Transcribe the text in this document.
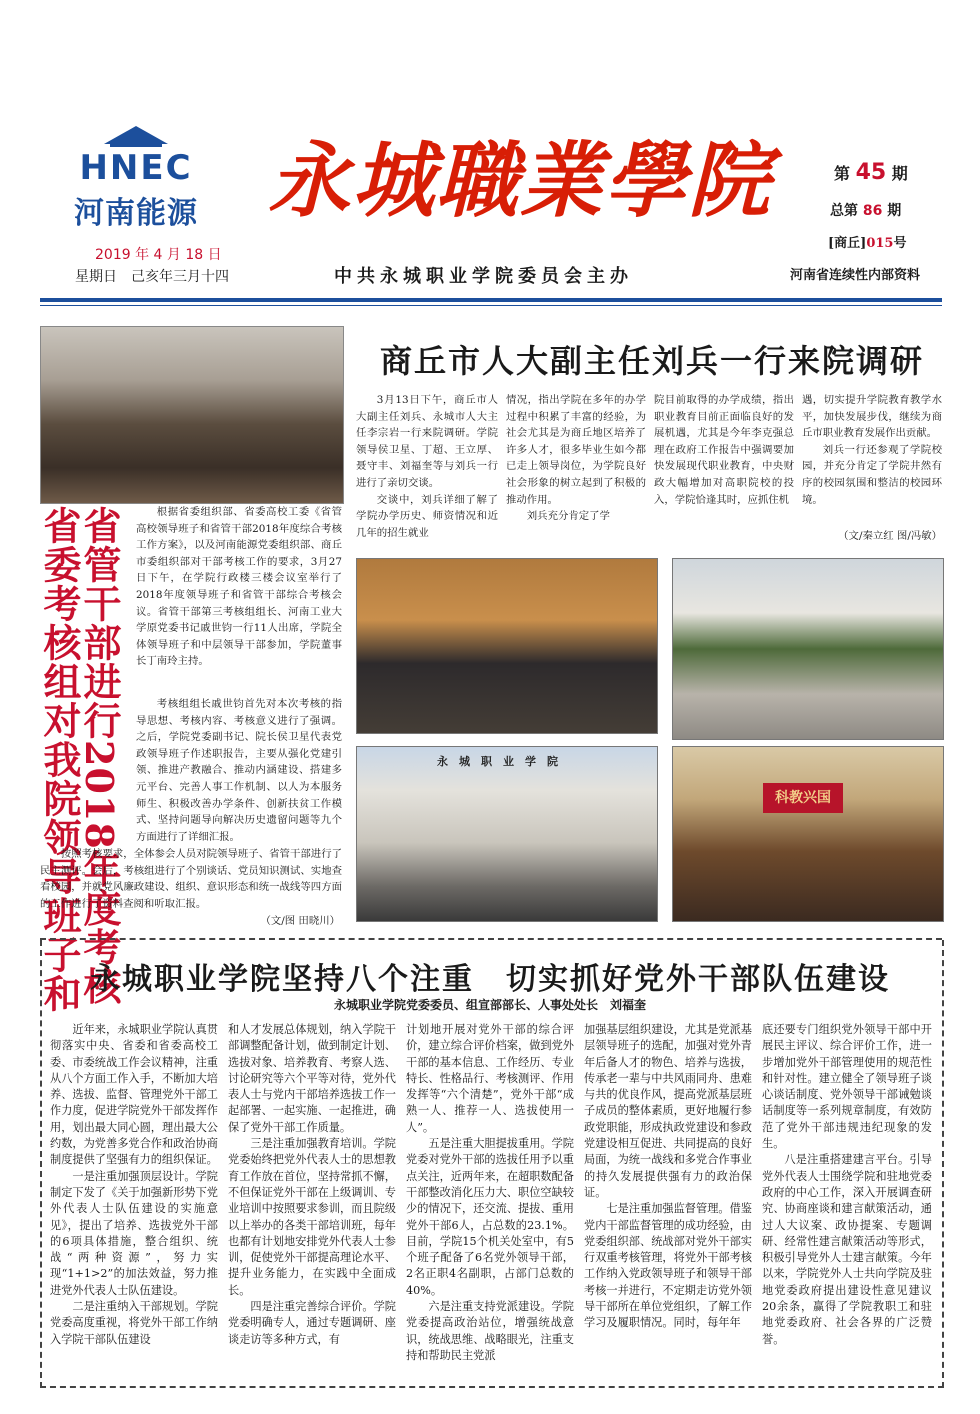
HNEC
河南能源
2019 年 4 月 18 日
星期日　己亥年三月十四
永城職業學院
中共永城职业学院委员会主办
第 45 期
总第 86 期
[商丘]015号
河南省连续性内部资料
省管干部进行2018年度考核
省委考核组对我院领导班子和	根据省委组织部、省委高校工委《省管高校领导班子和省管干部2018年度综合考核工作方案》，以及河南能源党委组织部、商丘市委组织部对干部考核工作的要求，3月27日下午，在学院行政楼三楼会议室举行了2018年度领导班子和省管干部综合考核会议。省管干部第三考核组组长、河南工业大学原党委书记戚世钧一行11人出席，学院全体领导班子和中层领导干部参加，学院董事长丁南玲主持。

考核组组长戚世钧首先对本次考核的指导思想、考核内容、考核意义进行了强调。之后，学院党委副书记、院长侯卫星代表党政领导班子作述职报告，主要从强化党建引领、推进产教融合、推动内涵建设、搭建多元平台、完善人事工作机制、以人为本服务师生、积极改善办学条件、创新扶贫工作模式、坚持问题导向解决历史遗留问题等九个方面进行了详细汇报。

按照考核要求，全体参会人员对院领导班子、省管干部进行了民主测评。会后，考核组进行了个别谈话、党员知识测试、实地查看校园，并就党风廉政建设、组织、意识形态和统一战线等四方面的工作进行了资料查阅和听取汇报。

（文/图 田晓川）
商丘市人大副主任刘兵一行来院调研

3月13日下午，商丘市人大副主任刘兵、永城市人大主任李宗岩一行来院调研。学院领导侯卫星、丁超、王立厚、聂守丰、刘福奎等与刘兵一行进行了亲切交谈。

交谈中，刘兵详细了解了学院办学历史、师资情况和近几年的招生就业

情况，指出学院在多年的办学过程中积累了丰富的经验，为社会尤其是为商丘地区培养了许多人才，很多毕业生如今都已走上领导岗位，为学院良好社会形象的树立起到了积极的推动作用。

刘兵充分肯定了学

院目前取得的办学成绩，指出职业教育目前正面临良好的发展机遇，尤其是今年李克强总理在政府工作报告中强调要加快发展现代职业教育，中央财政大幅增加对高职院校的投入，学院恰逢其时，应抓住机

遇，切实提升学院教育教学水平，加快发展步伐，继续为商丘市职业教育发展作出贡献。

刘兵一行还参观了学院校园，并充分肯定了学院井然有序的校园氛围和整洁的校园环境。

（文/秦立红 图/冯敏）
永　城　职　业　学　院
科教兴国
永城职业学院坚持八个注重　切实抓好党外干部队伍建设
永城职业学院党委委员、组宣部部长、人事处处长　刘福奎

近年来，永城职业学院认真贯彻落实中央、省委和省委高校工委、市委统战工作会议精神，注重从八个方面工作入手，不断加大培养、选拔、监督、管理党外干部工作力度，促进学院党外干部发挥作用，划出最大同心圆，理出最大公约数，为党善多党合作和政治协商制度提供了坚强有力的组织保证。

一是注重加强顶层设计。学院制定下发了《关于加强新形势下党外代表人士队伍建设的实施意见》，提出了培养、选拔党外干部的6项具体措施，整合组织、统战“两种资源”，努力实现“1+1>2”的加法效益，努力推进党外代表人士队伍建设。

二是注重纳入干部规划。学院党委高度重视，将党外干部工作纳入学院干部队伍建设

和人才发展总体规划，纳入学院干部调整配备计划，做到制定计划、选拔对象、培养教育、考察人选、讨论研究等六个平等对待，党外代表人士与党内干部培养选拔工作一起部署、一起实施、一起推进，确保了党外干部工作质量。

三是注重加强教育培训。学院党委始终把党外代表人士的思想教育工作放在首位，坚持常抓不懈，不但保证党外干部在上级调训、专业培训中按照要求参训，而且院级以上举办的各类干部培训班，每年也都有计划地安排党外代表人士参训，促使党外干部提高理论水平、提升业务能力，在实践中全面成长。

四是注重完善综合评价。学院党委明确专人，通过专题调研、座谈走访等多种方式，有

计划地开展对党外干部的综合评价，建立综合评价档案，做到党外干部的基本信息、工作经历、专业特长、性格品行、考核测评、作用发挥等“六个清楚”，党外干部“成熟一人、推荐一人、选拔使用一人”。

五是注重大胆提拔重用。学院党委对党外干部的选拔任用予以重点关注，近两年来，在超职数配备干部整改消化压力大、职位空缺较少的情况下，还交流、提拔、重用党外干部6人，占总数的23.1%。目前，学院15个机关处室中，有5个班子配备了6名党外领导干部，2名正职4名副职，占部门总数的40%。

六是注重支持党派建设。学院党委提高政治站位，增强统战意识，统战思维、战略眼光，注重支持和帮助民主党派

加强基层组织建设，尤其是党派基层领导班子的选配，加强对党外青年后备人才的物色、培养与选拔，传承老一辈与中共风雨同舟、患难与共的优良作风，提高党派基层班子成员的整体素质，更好地履行参政党职能，形成执政党建设和参政党建设相互促进、共同提高的良好局面，为统一战线和多党合作事业的持久发展提供强有力的政治保证。

七是注重加强监督管理。借鉴党内干部监督管理的成功经验，由党委组织部、统战部对党外干部实行双重考核管理，将党外干部考核工作纳入党政领导班子和领导干部考核一并进行，不定期走访党外领导干部所在单位党组织，了解工作学习及履职情况。同时，每年年

底还要专门组织党外领导干部中开展民主评议、综合评价工作，进一步增加党外干部管理使用的规范性和针对性。建立健全了领导班子谈心谈话制度、党外领导干部诫勉谈话制度等一系列规章制度，有效防范了党外干部违规违纪现象的发生。

八是注重搭建建言平台。引导党外代表人士围绕学院和驻地党委政府的中心工作，深入开展调查研究、协商座谈和建言献策活动，通过人大议案、政协提案、专题调研、经常性建言献策活动等形式，积极引导党外人士建言献策。今年以来，学院党外人士共向学院及驻地党委政府提出建设性意见建议20余条，赢得了学院教职工和驻地党委政府、社会各界的广泛赞誉。
